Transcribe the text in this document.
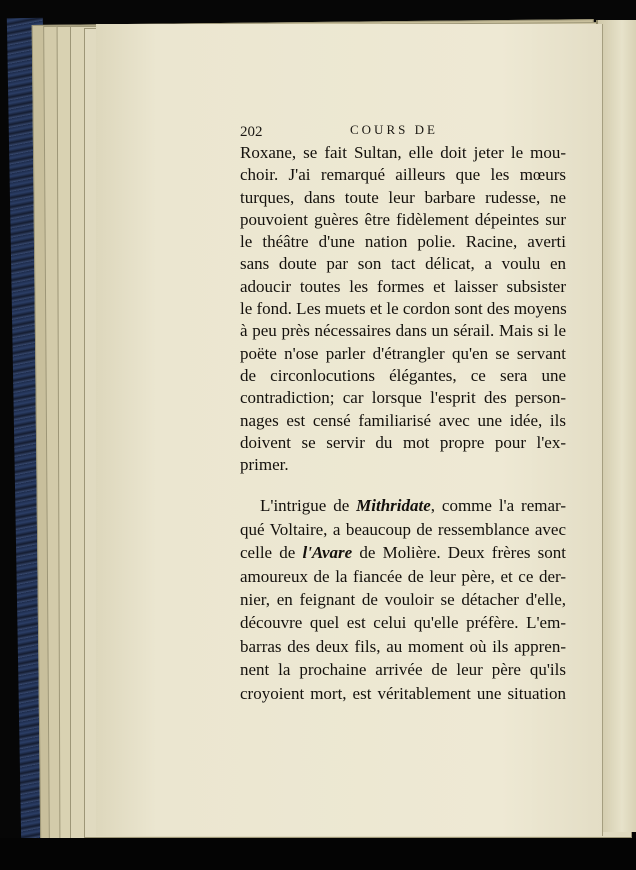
202	COURS DE
Roxane, se fait Sultan, elle doit jeter le mou-
choir. J'ai remarqué ailleurs que les mœurs
turques, dans toute leur barbare rudesse, ne
pouvoient guères être fidèlement dépeintes sur
le théâtre d'une nation polie. Racine, averti
sans doute par son tact délicat, a voulu en
adoucir toutes les formes et laisser subsister
le fond. Les muets et le cordon sont des moyens
à peu près nécessaires dans un sérail. Mais si le
poëte n'ose parler d'étrangler qu'en se servant
de circonlocutions élégantes, ce sera une
contradiction; car lorsque l'esprit des person-
nages est censé familiarisé avec une idée, ils
doivent se servir du mot propre pour l'ex-
primer.
L'intrigue de Mithridate, comme l'a remar-
qué Voltaire, a beaucoup de ressemblance avec
celle de l'Avare de Molière. Deux frères sont
amoureux de la fiancée de leur père, et ce der-
nier, en feignant de vouloir se détacher d'elle,
découvre quel est celui qu'elle préfère. L'em-
barras des deux fils, au moment où ils appren-
nent la prochaine arrivée de leur père qu'ils
croyoient mort, est véritablement une situation
